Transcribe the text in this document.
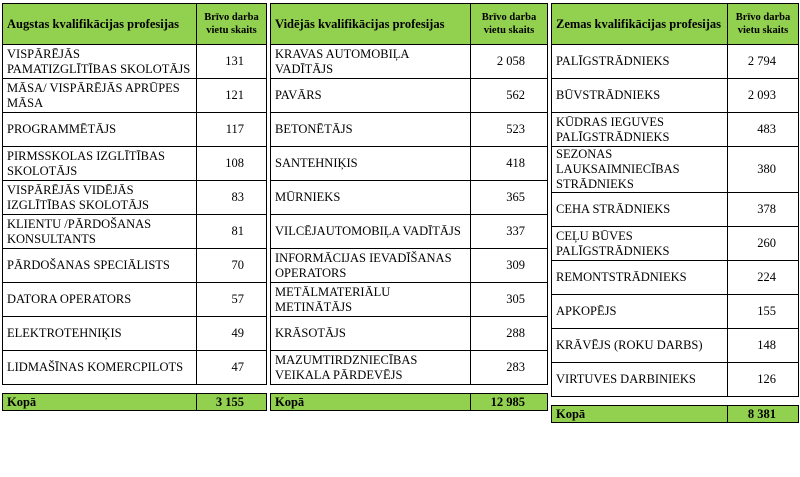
Augstas kvalifikācijas profesijas	Brīvo darba vietu skaits
VISPĀRĒJĀS PAMATIZGLĪTĪBAS SKOLOTĀJS	131
MĀSA/ VISPĀRĒJĀS APRŪPES MĀSA	121
PROGRAMMĒTĀJS	117
PIRMSSKOLAS IZGLĪTĪBAS SKOLOTĀJS	108
VISPĀRĒJĀS VIDĒJĀS IZGLĪTĪBAS SKOLOTĀJS	83
KLIENTU /PĀRDOŠANAS KONSULTANTS	81
PĀRDOŠANAS SPECIĀLISTS	70
DATORA OPERATORS	57
ELEKTROTEHNIĶIS	49
LIDMAŠĪNAS KOMERCPILOTS	47

Kopā	3 155
Vidējās kvalifikācijas profesijas	Brīvo darba vietu skaits
KRAVAS AUTOMOBIĻA VADĪTĀJS	2 058
PAVĀRS	562
BETONĒTĀJS	523
SANTEHNIĶIS	418
MŪRNIEKS	365
VILCĒJAUTOMOBIĻA VADĪTĀJS	337
INFORMĀCIJAS IEVADĪŠANAS OPERATORS	309
METĀLMATERIĀLU METINĀTĀJS	305
KRĀSOTĀJS	288
MAZUMTIRDZNIECĪBAS VEIKALA PĀRDEVĒJS	283

Kopā	12 985
Zemas kvalifikācijas profesijas	Brīvo darba vietu skaits
PALĪGSTRĀDNIEKS	2 794
BŪVSTRĀDNIEKS	2 093
KŪDRAS IEGUVES PALĪGSTRĀDNIEKS	483
SEZONAS LAUKSAIMNIECĪBAS STRĀDNIEKS	380
CEHA STRĀDNIEKS	378
CEĻU BŪVES PALĪGSTRĀDNIEKS	260
REMONTSTRĀDNIEKS	224
APKOPĒJS	155
KRĀVĒJS (ROKU DARBS)	148
VIRTUVES DARBINIEKS	126

Kopā	8 381
